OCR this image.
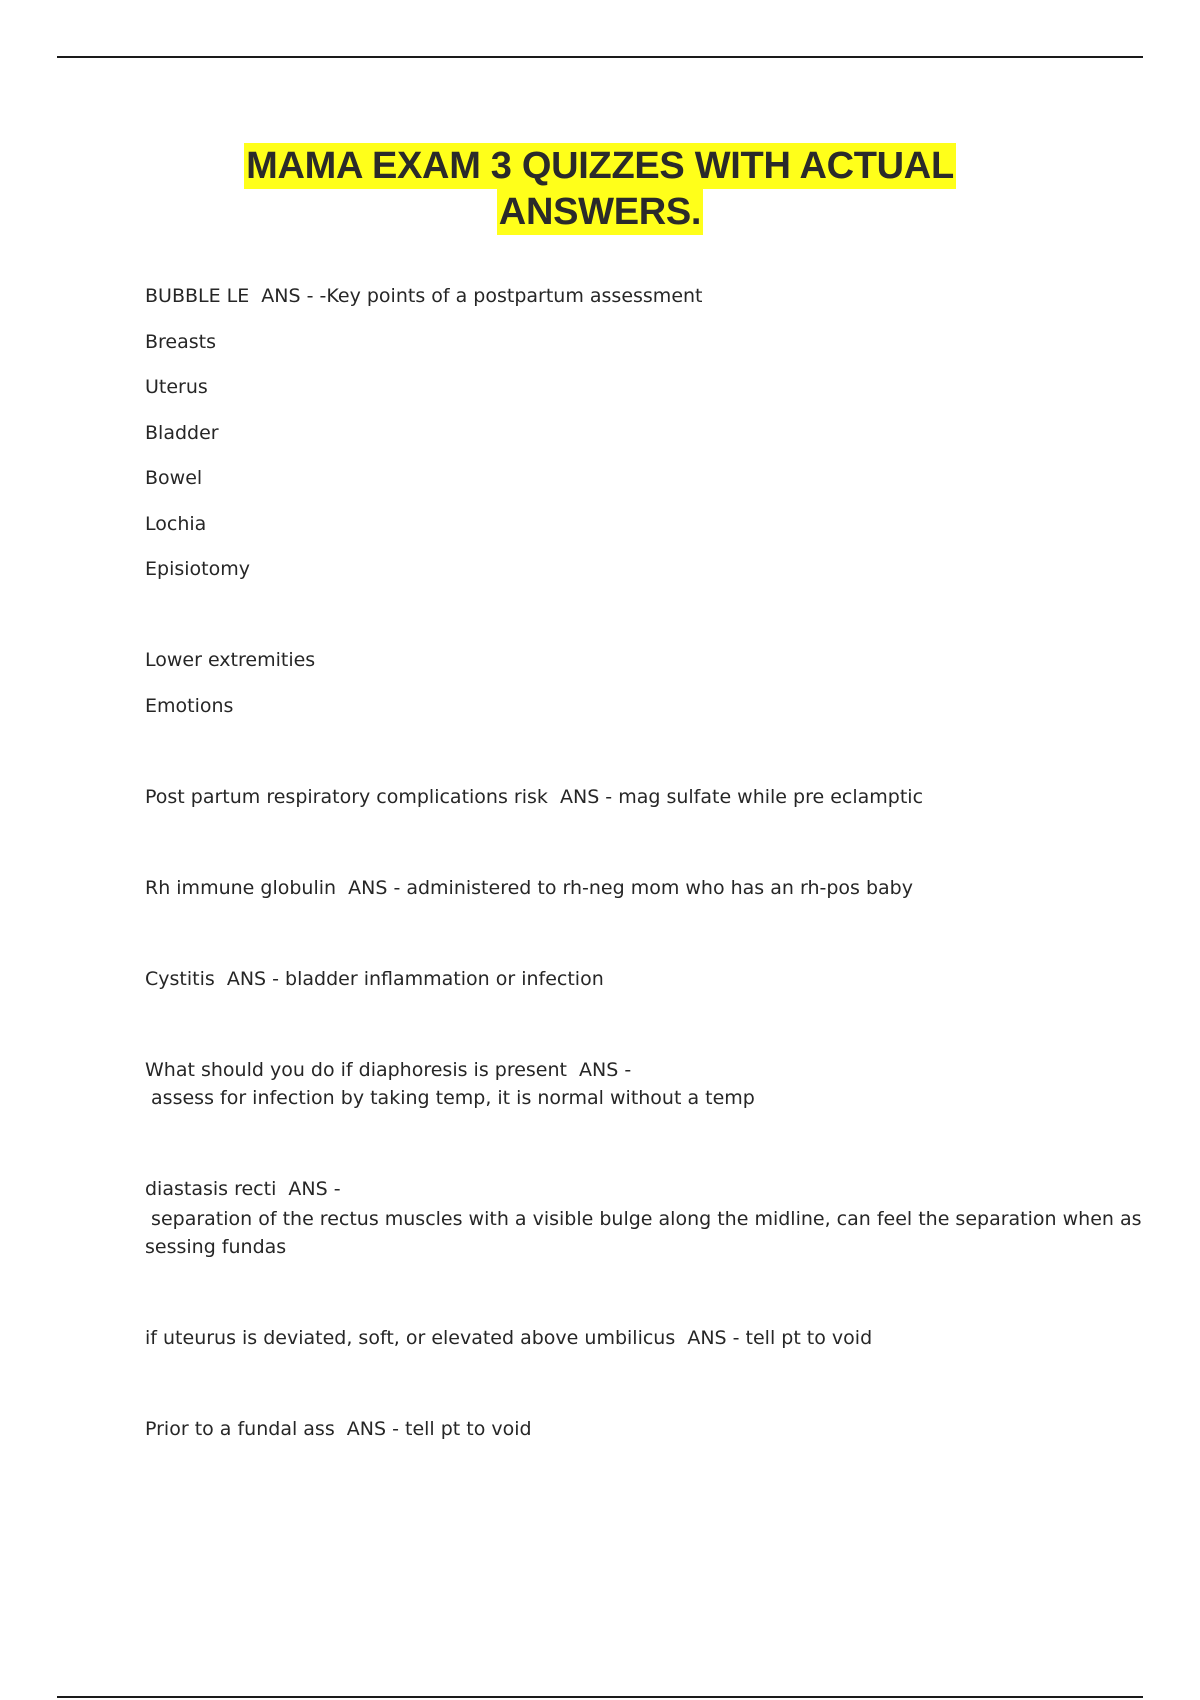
MAMA EXAM 3 QUIZZES WITH ACTUAL
ANSWERS.
BUBBLE LE  ANS - -Key points of a postpartum assessment
Breasts
Uterus
Bladder
Bowel
Lochia
Episiotomy
Lower extremities
Emotions
Post partum respiratory complications risk  ANS - mag sulfate while pre eclamptic
Rh immune globulin  ANS - administered to rh-neg mom who has an rh-pos baby
Cystitis  ANS - bladder inflammation or infection
What should you do if diaphoresis is present  ANS -
assess for infection by taking temp, it is normal without a temp
diastasis recti  ANS -
separation of the rectus muscles with a visible bulge along the midline, can feel the separation when as
sessing fundas
if uteurus is deviated, soft, or elevated above umbilicus  ANS - tell pt to void
Prior to a fundal ass  ANS - tell pt to void
